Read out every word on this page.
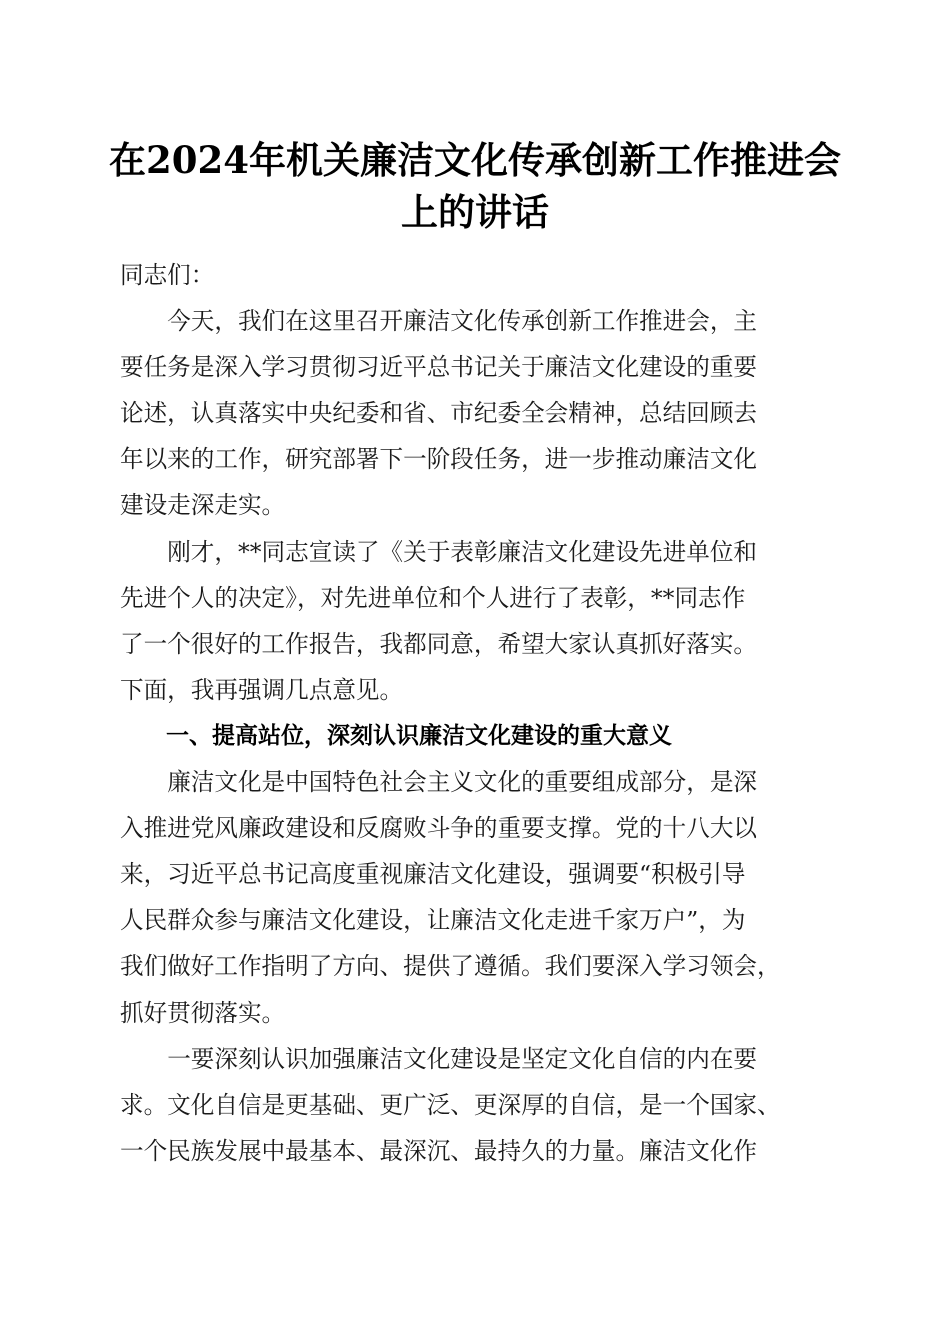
在2024年机关廉洁文化传承创新工作推进会
上的讲话

同志们：

今天，我们在这里召开廉洁文化传承创新工作推进会，主
要任务是深入学习贯彻习近平总书记关于廉洁文化建设的重要
论述，认真落实中央纪委和省、市纪委全会精神，总结回顾去
年以来的工作，研究部署下一阶段任务，进一步推动廉洁文化
建设走深走实。

刚才，**同志宣读了《关于表彰廉洁文化建设先进单位和
先进个人的决定》，对先进单位和个人进行了表彰，**同志作
了一个很好的工作报告，我都同意，希望大家认真抓好落实。
下面，我再强调几点意见。

一、提高站位，深刻认识廉洁文化建设的重大意义

廉洁文化是中国特色社会主义文化的重要组成部分，是深
入推进党风廉政建设和反腐败斗争的重要支撑。党的十八大以
来，习近平总书记高度重视廉洁文化建设，强调要“积极引导
人民群众参与廉洁文化建设，让廉洁文化走进千家万户”，为
我们做好工作指明了方向、提供了遵循。我们要深入学习领会，
抓好贯彻落实。

一要深刻认识加强廉洁文化建设是坚定文化自信的内在要
求。文化自信是更基础、更广泛、更深厚的自信，是一个国家、
一个民族发展中最基本、最深沉、最持久的力量。廉洁文化作
